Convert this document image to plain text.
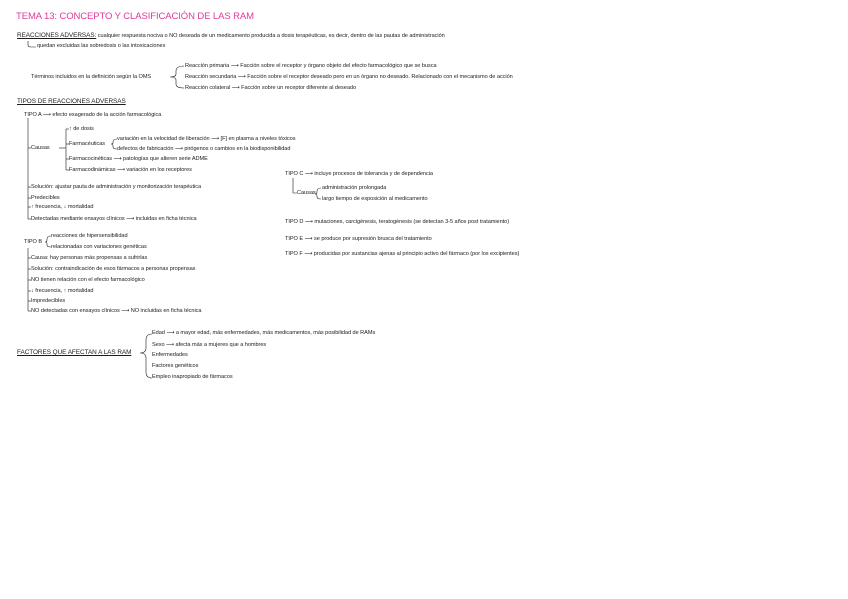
TEMA 13: CONCEPTO Y CLASIFICACIÓN DE LAS RAM
REACCIONES ADVERSAS: cualquier respuesta nociva o NO deseada de un medicamento producida a dosis terapéuticas, es decir, dentro de las pautas de administración
quedan excluidas las sobredosis o las intoxicaciones
Términos incluidos en la definición según la OMS
Reacción primaria ⟶ Facción sobre el receptor y órgano objeto del efecto farmacológico que se busca
Reacción secundaria ⟶ Facción sobre el receptor deseado pero en un órgano no deseado. Relacionado con el mecanismo de acción
Reacción colateral ⟶ Facción sobre un receptor diferente al deseado
TIPOS DE REACCIONES ADVERSAS
TIPO A ⟶ efecto exagerado de la acción farmacológica
Causas
↑ de dosis
Farmacéuticas
variación en la velocidad de liberación ⟶ [F] en plasma a niveles tóxicos
defectos de fabricación ⟶ pirógenos o cambios en la biodisponibilidad
Farmacocinéticas ⟶ patologías que alteren serie ADME
Farmacodinámicas ⟶ variación en los receptores
Solución: ajustar pauta de administración y monitorización terapéutica
Predecibles
↑ frecuencia, ↓ mortalidad
Detectadas mediante ensayos clínicos ⟶ incluidas en ficha técnica
TIPO B
reacciones de hipersensibilidad
relacionadas con variaciones genéticas
Causa: hay personas más propensas a sufrirlas
Solución: contraindicación de esos fármacos a personas propensas
NO tienen relación con el efecto farmacológico
↓ frecuencia, ↑ mortalidad
Impredecibles
NO detectadas con ensayos clínicos ⟶ NO incluidas en ficha técnica
TIPO C ⟶ incluye procesos de tolerancia y de dependencia
Causas
administración prolongada
largo tiempo de exposición al medicamento
TIPO D ⟶ mutaciones, carcigénesis, teratogénesis (se detectan 3-5 años post tratamiento)
TIPO E ⟶ se produce por supresión brusca del tratamiento
TIPO F ⟶ producidas por sustancias ajenas al principio activo del fármaco (por los excipientes)
FACTORES QUE AFECTAN A LAS RAM
Edad ⟶ a mayor edad, más enfermedades, más medicamentos, más posibilidad de RAMs
Sexo ⟶ afecta más a mujeres que a hombres
Enfermedades
Factores genéticos
Empleo inapropiado de fármacos
